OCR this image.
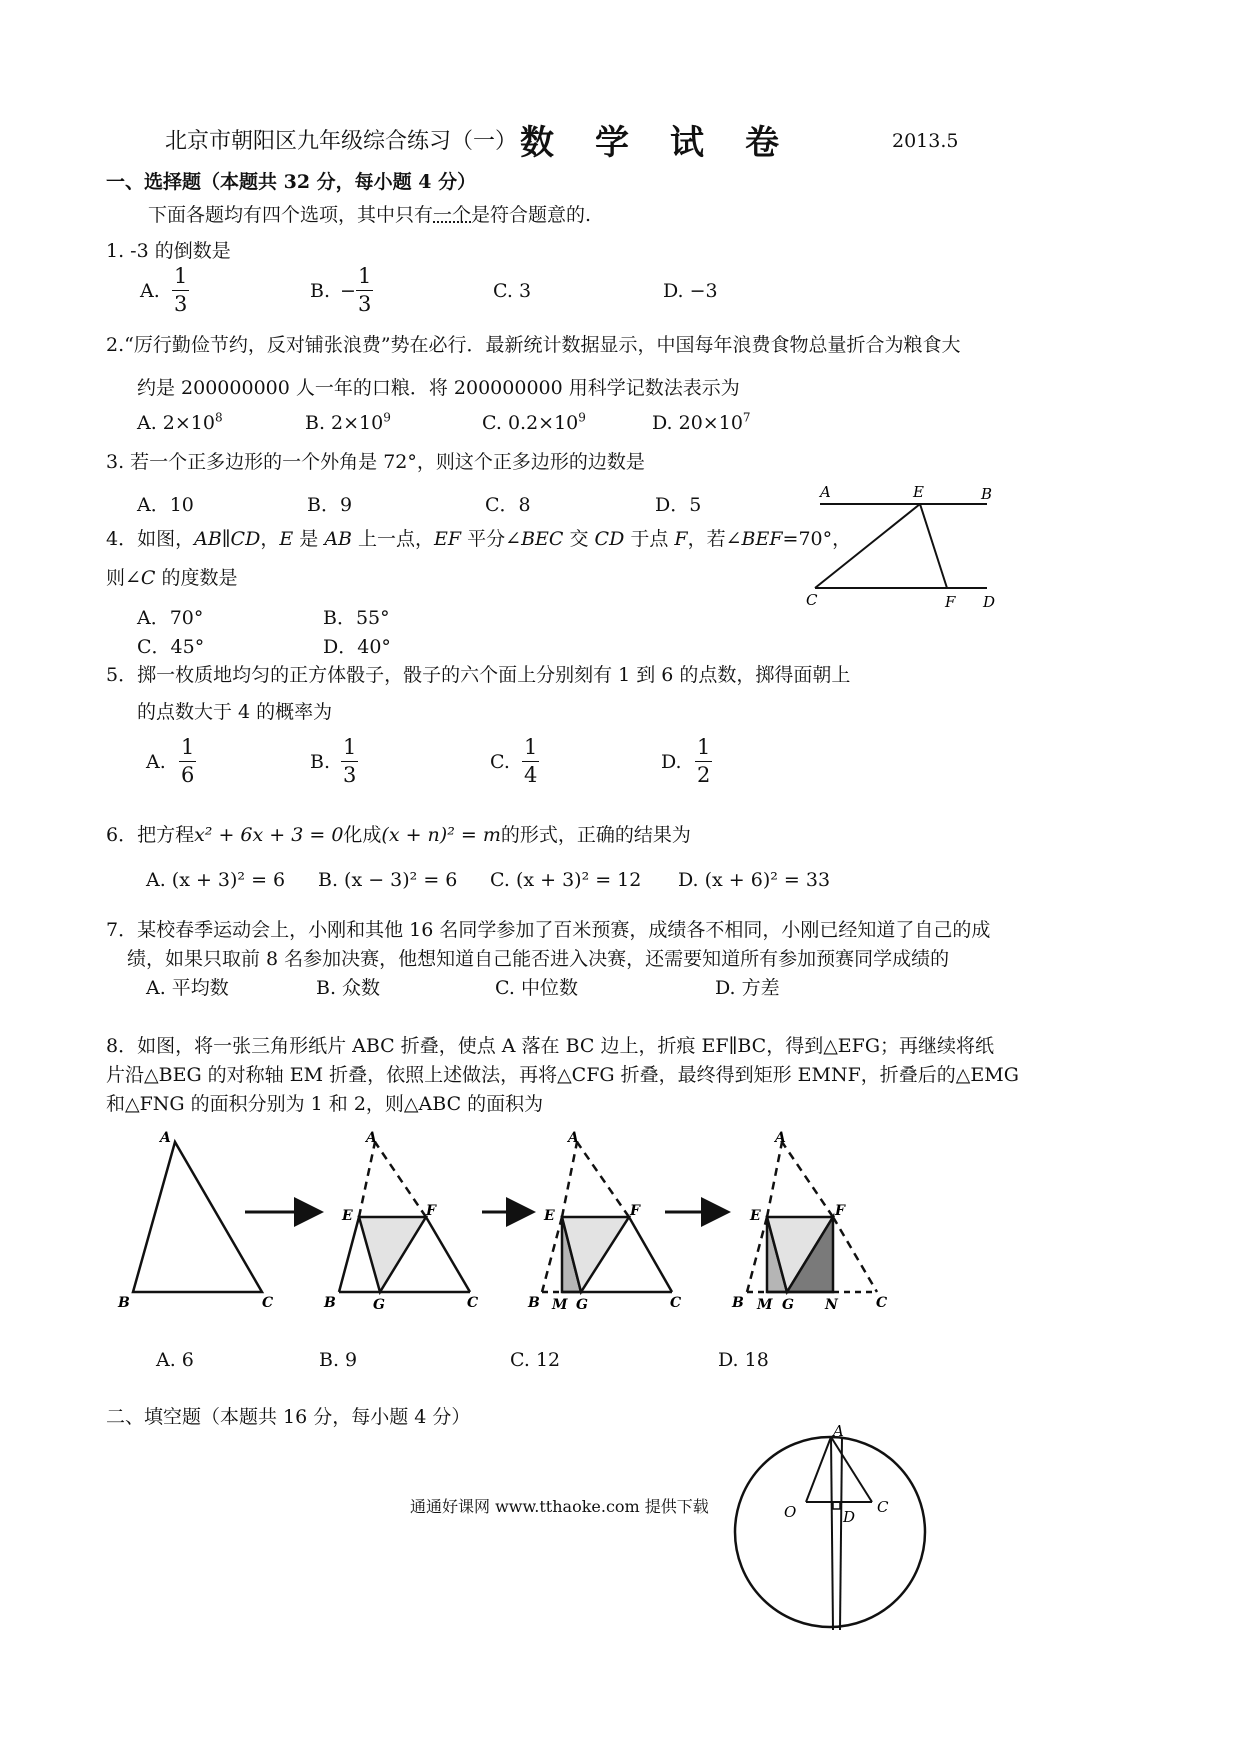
北京市朝阳区九年级综合练习（一） 数 学 试 卷	2013.5
一、选择题（本题共 32 分，每小题 4 分）
下面各题均有四个选项，其中只有一个是符合题意的.
1. -3 的倒数是
A.
1
3
B. −
1
3
C. 3	D. −3
2.“厉行勤俭节约，反对铺张浪费”势在必行．最新统计数据显示，中国每年浪费食物总量折合为粮食大
约是 200000000 人一年的口粮．将 200000000 用科学记数法表示为
A. $2\times 10^8$	B. $2\times 10^9$	C. $0.2\times 10^9$	D. $20\times 10^7$
3. 若一个正多边形的一个外角是 72°，则这个正多边形的边数是
A．10	B．9	C．8	D．5
4．如图，AB∥CD，E 是 AB 上一点，EF 平分∠BEC 交 CD 于点 F，若∠BEF=70°，
则∠C 的度数是
A．70°	B．55°
C．45°	D．40°
A	E	B
C	F D
5．掷一枚质地均匀的正方体骰子，骰子的六个面上分别刻有 1 到 6 的点数，掷得面朝上
的点数大于 4 的概率为
A.
1
6
B.
1
3
C.
1
4
D.
1
2
6．把方程x² + 6x + 3 = 0化成(x + n)² = m的形式，正确的结果为
A. (x + 3)² = 6 B. (x − 3)² = 6 C. (x + 3)² = 12 D. (x + 6)² = 33
7．某校春季运动会上，小刚和其他 16 名同学参加了百米预赛，成绩各不相同，小刚已经知道了自己的成
绩，如果只取前 8 名参加决赛，他想知道自己能否进入决赛，还需要知道所有参加预赛同学成绩的
A. 平均数	B. 众数	C. 中位数	D. 方差
8．如图，将一张三角形纸片 ABC 折叠，使点 A 落在 BC 边上，折痕 EF∥BC，得到△EFG；再继续将纸
片沿△BEG 的对称轴 EM 折叠，依照上述做法，再将△CFG 折叠，最终得到矩形 EMNF，折叠后的△EMG
和△FNG 的面积分别为 1 和 2，则△ABC 的面积为
A
B	C
A
E	F
B	G	C
A
E	F
B M G	C
A
E	F
B M G N	C
A. 6	B. 9	C. 12	D. 18
二、填空题（本题共 16 分，每小题 4 分）
A
O	D
C
通通好课网 www.tthaoke.com 提供下载
